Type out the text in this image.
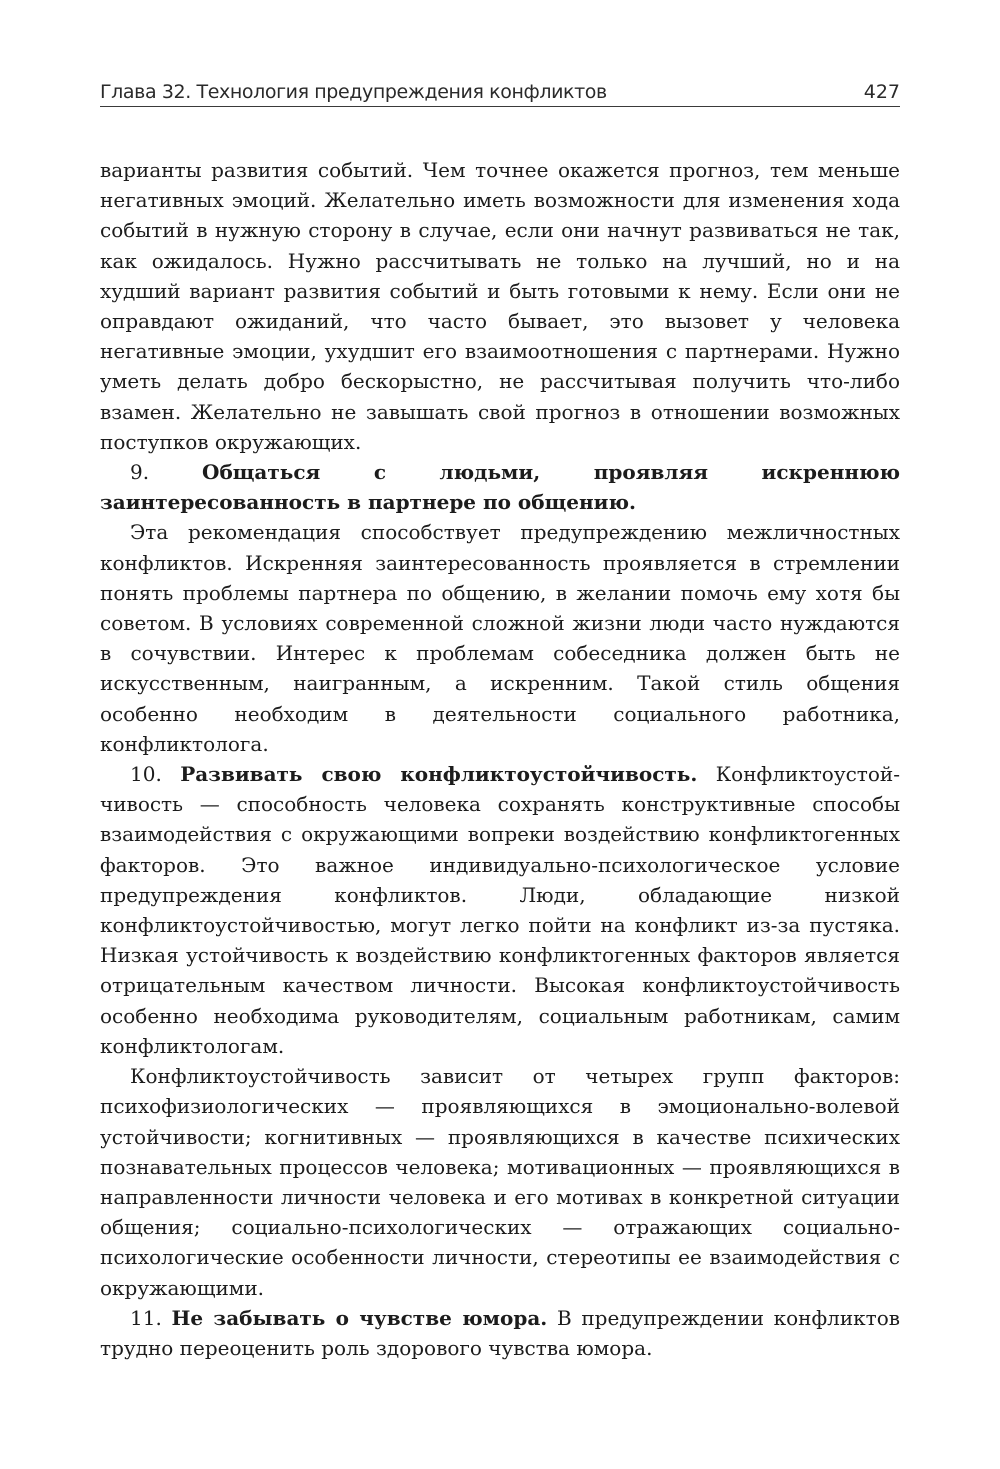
Глава 32. Технология предупреждения конфликтов	427

варианты развития событий. Чем точнее окажется прогноз, тем меньше негативных эмоций. Желательно иметь возможности для изменения хода событий в нужную сторону в случае, если они начнут развиваться не так, как ожидалось. Нужно рассчитывать не только на лучший, но и на худший вариант развития событий и быть готовыми к нему. Если они не оправдают ожиданий, что часто бывает, это вызовет у человека негативные эмоции, ухудшит его взаимоотношения с партнерами. Нужно уметь делать добро бескорыстно, не рассчитывая получить что-либо взамен. Желательно не завышать свой прогноз в отношении возможных поступков окружающих.

9.	Общаться с людьми, проявляя искреннюю заинтересованность в партнере по общению.

Эта рекомендация способствует предупреждению межличностных конфликтов. Искренняя заинтересованность проявляется в стремлении понять проблемы партнера по общению, в желании помочь ему хотя бы советом. В условиях современной сложной жизни люди часто нуждаются в сочувствии. Интерес к проблемам собеседника должен быть не искусственным, наигранным, а искренним. Такой стиль общения особенно необходим в деятельности социального работника, конфликтолога.

10. Развивать свою конфликтоустойчивость. Конфликтоустойчивость — способность человека сохранять конструктивные способы взаимодействия с окружающими вопреки воздействию конфликтогенных факторов. Это важное индивидуально-психологическое условие предупреждения конфликтов. Люди, обладающие низкой конфликтоустойчивостью, могут легко пойти на конфликт из-за пустяка. Низкая устойчивость к воздействию конфликтогенных факторов является отрицательным качеством личности. Высокая конфликтоустойчивость особенно необходима руководителям, социальным работникам, самим конфликтологам.

Конфликтоустойчивость зависит от четырех групп факторов: психофизиологических — проявляющихся в эмоционально-волевой устойчивости; когнитивных — проявляющихся в качестве психических познавательных процессов человека; мотивационных — проявляющихся в направленности личности человека и его мотивах в конкретной ситуации общения; социально-психологических — отражающих социально-психологические особенности личности, стереотипы ее взаимодействия с окружающими.

11. Не забывать о чувстве юмора. В предупреждении конфликтов трудно переоценить роль здорового чувства юмора.
